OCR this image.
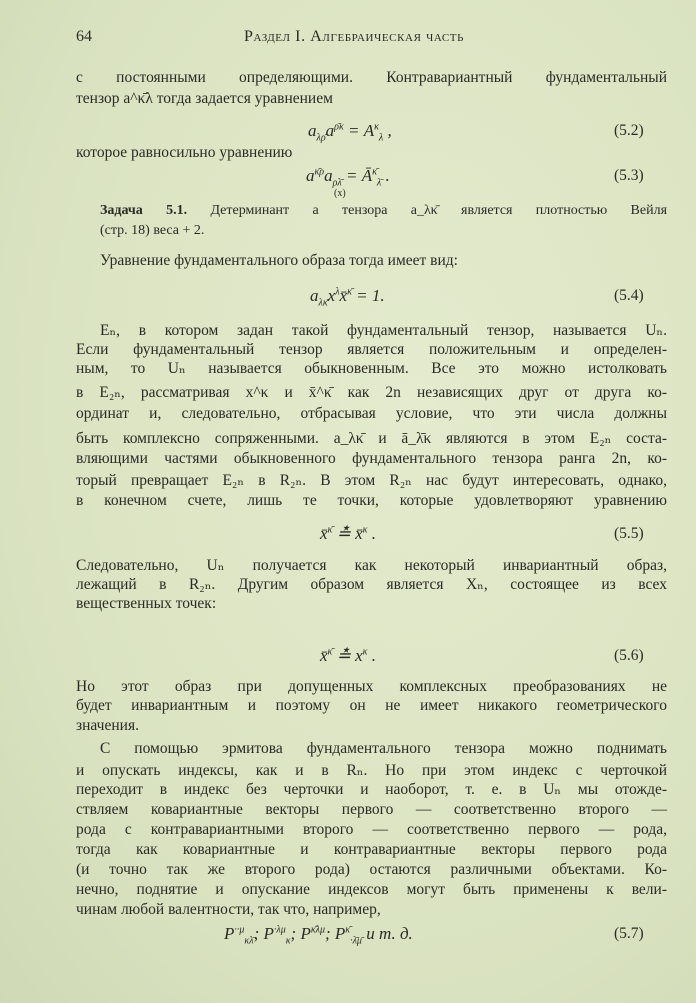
64	Раздел I. Алгебраическая часть
с постоянными определяющими. Контравариантный фундаментальный
тензор a^κ̄λ тогда задается уравнением
$a_{\lambda\rhō}a^{\rhō\kappa} = A^\kappa_\lambda$ ,	(5.2)
которое равносильно уравнению
$a^{\kappā\rho}a_{\rho\lambdā}$ = $Ā^{\kappā}_{\lambdā}$ .	(5.3)
(x)
Задача 5.1. Детерминант a тензора a_λκ̄ является плотностью Вейля
(стр. 18) веса + 2.
Уравнение фундаментального образа тогда имеет вид:
$a_{\lambda\kappā}x^\lambda x̄^{\kappā} = 1$.	(5.4)
Eₙ, в котором задан такой фундаментальный тензор, называется Uₙ.
Если фундаментальный тензор является положительным и определен-
ным, то Uₙ называется обыкновенным. Все это можно истолковать
в E₂ₙ, рассматривая x^κ и x̄^κ̄ как 2n независящих друг от друга ко-
ординат и, следовательно, отбрасывая условие, что эти числа должны
быть комплексно сопряженными. a_λκ̄ и ā_λ̄κ являются в этом E₂ₙ соста-
вляющими частями обыкновенного фундаментального тензора ранга 2n, ко-
торый превращает E₂ₙ в R₂ₙ. В этом R₂ₙ нас будут интересовать, однако,
в конечном счете, лишь те точки, которые удовлетворяют уравнению
x̄$^{\kappā}$ ≛ x̄$^\kappa$ .	(5.5)
Следовательно, Uₙ получается как некоторый инвариантный образ,
лежащий в R₂ₙ. Другим образом является Xₙ, состоящее из всех
вещественных точек:
x̄$^{\kappā}$ ≛ $x^\kappa$ .	(5.6)
Но этот образ при допущенных комплексных преобразованиях не
будет инвариантным и поэтому он не имеет никакого геометрического
значения.
С помощью эрмитова фундаментального тензора можно поднимать
и опускать индексы, как и в Rₙ. Но при этом индекс с черточкой
переходит в индекс без черточки и наоборот, т. е. в Uₙ мы отожде-
ствляем ковариантные векторы первого — соответственно второго —
рода с контравариантными второго — соответственно первого — рода,
тогда как ковариантные и контравариантные векторы первого рода
(и точно так же второго рода) остаются различными объектами. Ко-
нечно, поднятие и опускание индексов могут быть применены к вели-
чинам любой валентности, так что, например,
$P^{\cdot\cdot\mu}_{\kappa\lambdā}$; $P^{\cdot\lambda\mu}_\kappa$; $P^{\kappā\lambda\mu}$; $P^{\kappā}_{\cdot\lambdā\mū}$ и т. д.	(5.7)
